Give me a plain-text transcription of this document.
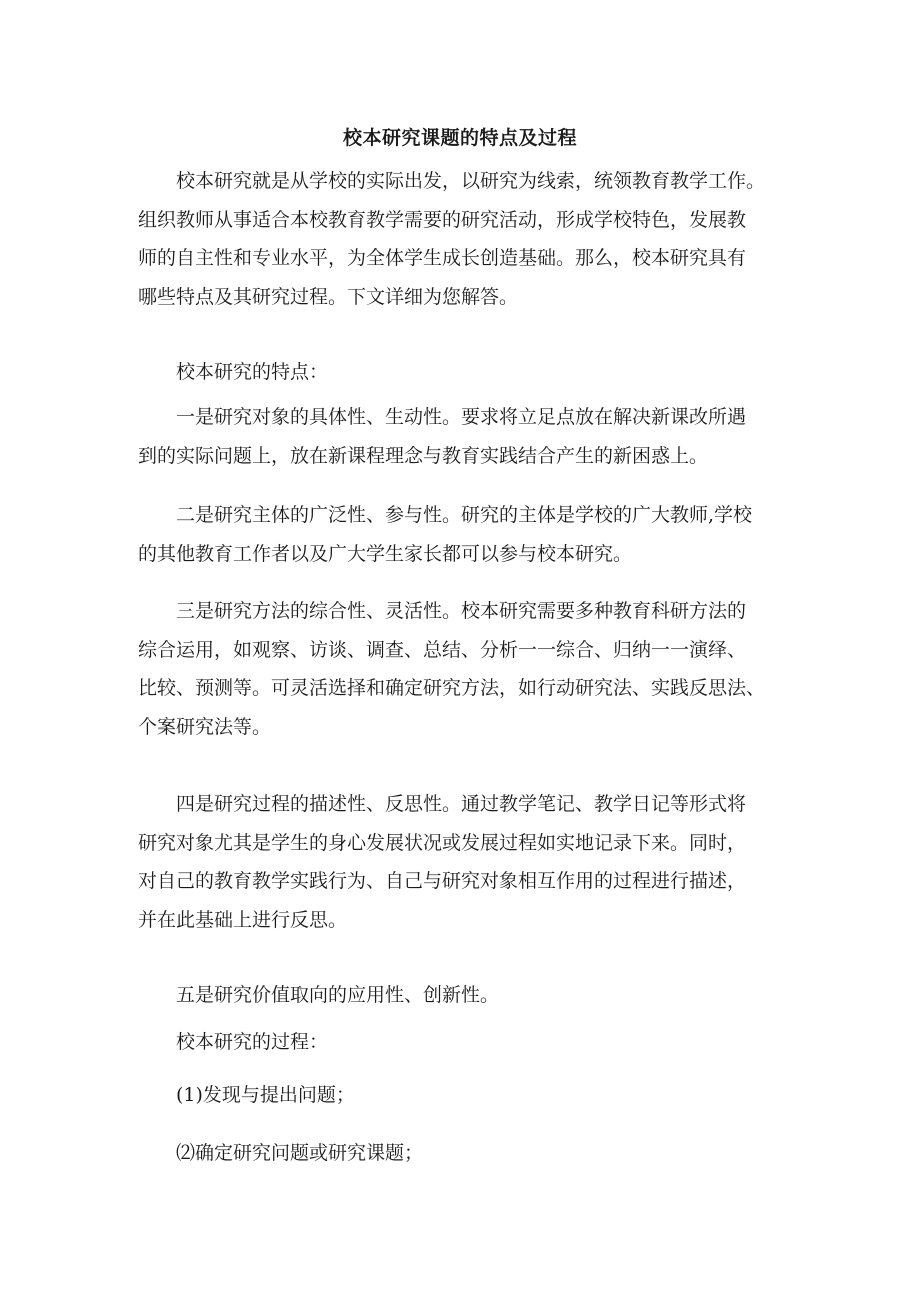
校本研究课题的特点及过程

校本研究就是从学校的实际出发，以研究为线索，统领教育教学工作。
组织教师从事适合本校教育教学需要的研究活动，形成学校特色，发展教
师的自主性和专业水平，为全体学生成长创造基础。那么，校本研究具有
哪些特点及其研究过程。下文详细为您解答。

校本研究的特点：

一是研究对象的具体性、生动性。要求将立足点放在解决新课改所遇
到的实际问题上，放在新课程理念与教育实践结合产生的新困惑上。

二是研究主体的广泛性、参与性。研究的主体是学校的广大教师,学校
的其他教育工作者以及广大学生家长都可以参与校本研究。

三是研究方法的综合性、灵活性。校本研究需要多种教育科研方法的
综合运用，如观察、访谈、调查、总结、分析一一综合、归纳一一演绎、
比较、预测等。可灵活选择和确定研究方法，如行动研究法、实践反思法、
个案研究法等。

四是研究过程的描述性、反思性。通过教学笔记、教学日记等形式将
研究对象尤其是学生的身心发展状况或发展过程如实地记录下来。同时，
对自己的教育教学实践行为、自己与研究对象相互作用的过程进行描述，
并在此基础上进行反思。

五是研究价值取向的应用性、创新性。

校本研究的过程：

(1)发现与提出问题；

⑵确定研究问题或研究课题；
